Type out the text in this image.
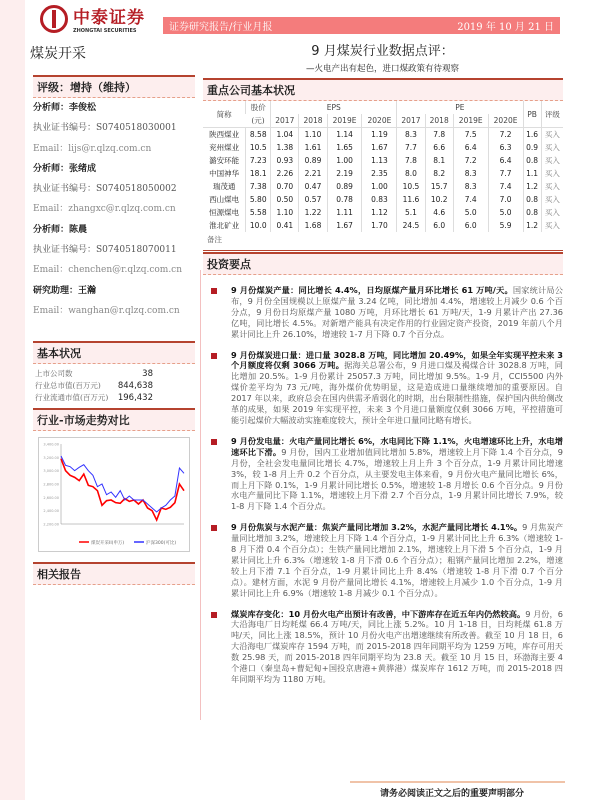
中泰证券
ZHONGTAI SECURITIES	证券研究报告/行业月报	2019 年 10 月 21 日
煤炭开采	9 月煤炭行业数据点评：
—火电产出有起色，进口煤政策有待观察
评级：增持（维持）
分析师：李俊松
执业证书编号：S0740518030001
Email：lijs@r.qlzq.com.cn
分析师：张绪成
执业证书编号：S0740518050002
Email：zhangxc@r.qlzq.com.cn
分析师：陈晨
执业证书编号：S0740518070011
Email：chenchen@r.qlzq.com.cn
研究助理：王瀚
Email：wanghan@r.qlzq.com.cn
基本状况
上市公司数	38
行业总市值(百万元) 844,638
行业流通市值(百万元) 196,432
行业-市场走势对比
3,400.00
3,200.00
3,000.00
2,800.00
2,600.00
2,400.00
2,200.00
煤炭开采II(申万)	沪深300(可比)
相关报告
重点公司基本状况
简称	股价	EPS				PE				PB	评级
	(元)	2017	2018	2019E	2020E	2017	2018	2019E	2020E		
陕西煤业	8.58	1.04	1.10	1.14	1.19	8.3	7.8	7.5	7.2	1.6	买入
兖州煤业	10.5	1.38	1.61	1.65	1.67	7.7	6.6	6.4	6.3	0.9	买入
潞安环能	7.23	0.93	0.89	1.00	1.13	7.8	8.1	7.2	6.4	0.8	买入
中国神华	18.1	2.26	2.21	2.19	2.35	8.0	8.2	8.3	7.7	1.1	买入
瑞茂通	7.38	0.70	0.47	0.89	1.00	10.5	15.7	8.3	7.4	1.2	买入
西山煤电	5.80	0.50	0.57	0.78	0.83	11.6	10.2	7.4	7.0	0.8	买入
恒源煤电	5.58	1.10	1.22	1.11	1.12	5.1	4.6	5.0	5.0	0.8	买入
淮北矿业	10.0	0.41	1.68	1.67	1.70	24.5	6.0	6.0	5.9	1.2	买入
备注
投资要点
9 月份煤炭产量：同比增长 4.4%，日均原煤产量月环比增长 61 万吨/天。国家统计局公布，9 月份全国规模以上原煤产量 3.24 亿吨，同比增加 4.4%，增速较上月减少 0.6 个百分点，9 月份日均原煤产量 1080 万吨，月环比增长 61 万吨/天，1-9 月累计产出 27.36 亿吨，同比增长 4.5%。对新增产能具有决定作用的行业固定资产投资，2019 年前八个月累计同比上升 26.10%，增速较 1-7 月下降 0.7 个百分点。
9 月份煤炭进口量：进口量 3028.8 万吨，同比增加 20.49%，如果全年实现平控未来 3 个月额度将仅剩 3066 万吨。据海关总署公布，9 月进口煤及褐煤合计 3028.8 万吨，同比增加 20.5%。1-9 月份累计 25057.3 万吨，同比增加 9.5%。1-9 月，CCI5500 内外煤价差平均为 73 元/吨，海外煤价优势明显，这是造成进口量继续增加的重要原因。自 2017 年以来，政府总会在国内供需矛盾弱化的时期，出台限制性措施，保护国内供给侧改革的成果，如果 2019 年实现平控，未来 3 个月进口量额度仅剩 3066 万吨，平控措施可能引起煤价大幅波动实施难度较大，预计全年进口量同比略有增长。
9 月份发电量：火电产量同比增长 6%，水电同比下降 1.1%，火电增速环比上升，水电增速环比下滑。9 月份，国内工业增加值同比增加 5.8%，增速较上月下降 1.4 个百分点，9 月份，全社会发电量同比增长 4.7%，增速较上月上升 3 个百分点，1-9 月累计同比增速 3%，较 1-8 月上升 0.2 个百分点，从主要发电主体来看，9 月份火电产量同比增长 6%，而上月下降 0.1%，1-9 月累计同比增长 0.5%，增速较 1-8 月增长 0.6 个百分点。9 月份水电产量同比下降 1.1%，增速较上月下滑 2.7 个百分点，1-9 月累计同比增长 7.9%，较 1-8 月下降 1.4 个百分点。
9 月份焦炭与水泥产量：焦炭产量同比增加 3.2%，水泥产量同比增长 4.1%。9 月焦炭产量同比增加 3.2%，增速较上月下降 1.4 个百分点，1-9 月累计同比上升 6.3%（增速较 1-8 月下滑 0.4 个百分点）；生铁产量同比增加 2.1%，增速较上月下滑 5 个百分点，1-9 月累计同比上升 6.3%（增速较 1-8 月下滑 0.6 个百分点）；粗钢产量同比增加 2.2%，增速较上月下滑 7.1 个百分点，1-9 月累计同比上升 8.4%（增速较 1-8 月下滑 0.7 个百分点）。建材方面，水泥 9 月份产量同比增长 4.1%，增速较上月减少 1.0 个百分点，1-9 月累计同比上升 6.9%（增速较 1-8 月减少 0.1 个百分点）。
煤炭库存变化：10 月份火电产出预计有改善，中下游库存在近五年内仍然较高。9 月份，6 大沿海电厂日均耗煤 66.4 万吨/天，同比上涨 5.2%。10 月 1-18 日，日均耗煤 61.8 万吨/天，同比上涨 18.5%，预计 10 月份火电产出增速继续有所改善。截至 10 月 18 日，6 大沿海电厂煤炭库存 1594 万吨，而 2015-2018 四年同期平均为 1259 万吨，库存可用天数 25.98 天，而 2015-2018 四年同期平均为 23.8 天。截至 10 月 15 日，环渤海主要 4 个港口（秦皇岛+曹妃甸+国投京唐港+黄骅港）煤炭库存 1612 万吨，而 2015-2018 四年同期平均为 1180 万吨。
请务必阅读正文之后的重要声明部分
